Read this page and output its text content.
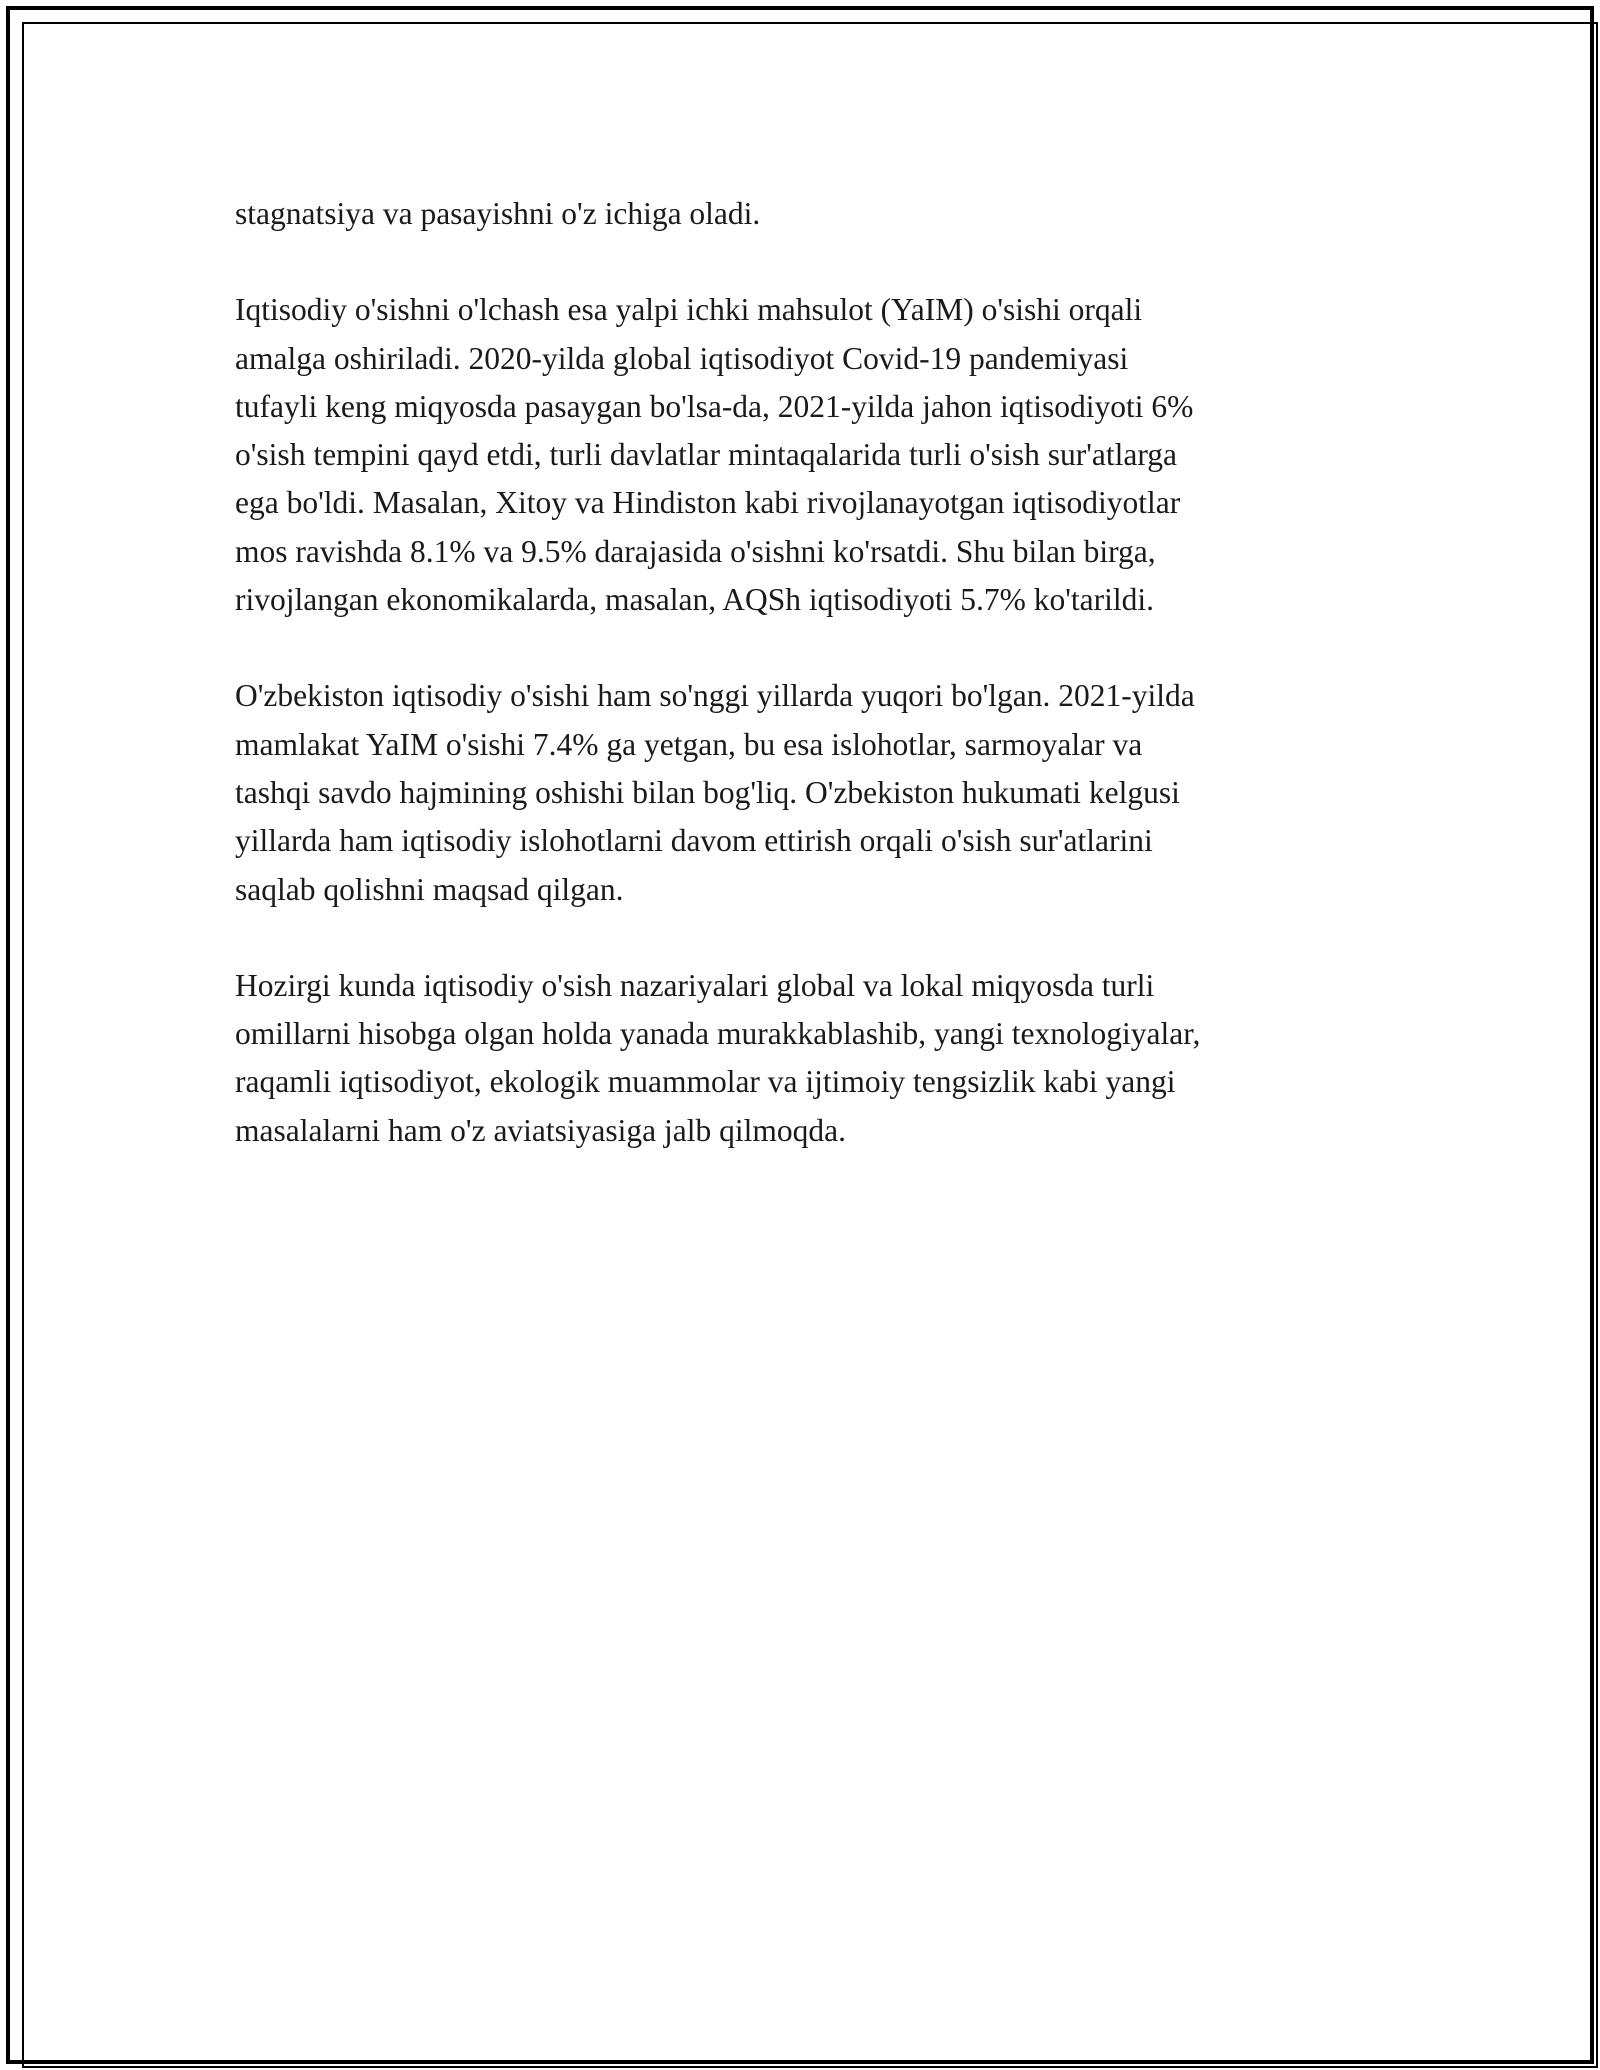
stagnatsiya va pasayishni o'z ichiga oladi.

Iqtisodiy o'sishni o'lchash esa yalpi ichki mahsulot (YaIM) o'sishi orqali
amalga oshiriladi. 2020-yilda global iqtisodiyot Covid-19 pandemiyasi
tufayli keng miqyosda pasaygan bo'lsa-da, 2021-yilda jahon iqtisodiyoti 6%
o'sish tempini qayd etdi, turli davlatlar mintaqalarida turli o'sish sur'atlarga
ega bo'ldi. Masalan, Xitoy va Hindiston kabi rivojlanayotgan iqtisodiyotlar
mos ravishda 8.1% va 9.5% darajasida o'sishni ko'rsatdi. Shu bilan birga,
rivojlangan ekonomikalarda, masalan, AQSh iqtisodiyoti 5.7% ko'tarildi.

O'zbekiston iqtisodiy o'sishi ham so'nggi yillarda yuqori bo'lgan. 2021-yilda
mamlakat YaIM o'sishi 7.4% ga yetgan, bu esa islohotlar, sarmoyalar va
tashqi savdo hajmining oshishi bilan bog'liq. O'zbekiston hukumati kelgusi
yillarda ham iqtisodiy islohotlarni davom ettirish orqali o'sish sur'atlarini
saqlab qolishni maqsad qilgan.

Hozirgi kunda iqtisodiy o'sish nazariyalari global va lokal miqyosda turli
omillarni hisobga olgan holda yanada murakkablashib, yangi texnologiyalar,
raqamli iqtisodiyot, ekologik muammolar va ijtimoiy tengsizlik kabi yangi
masalalarni ham o'z aviatsiyasiga jalb qilmoqda.
